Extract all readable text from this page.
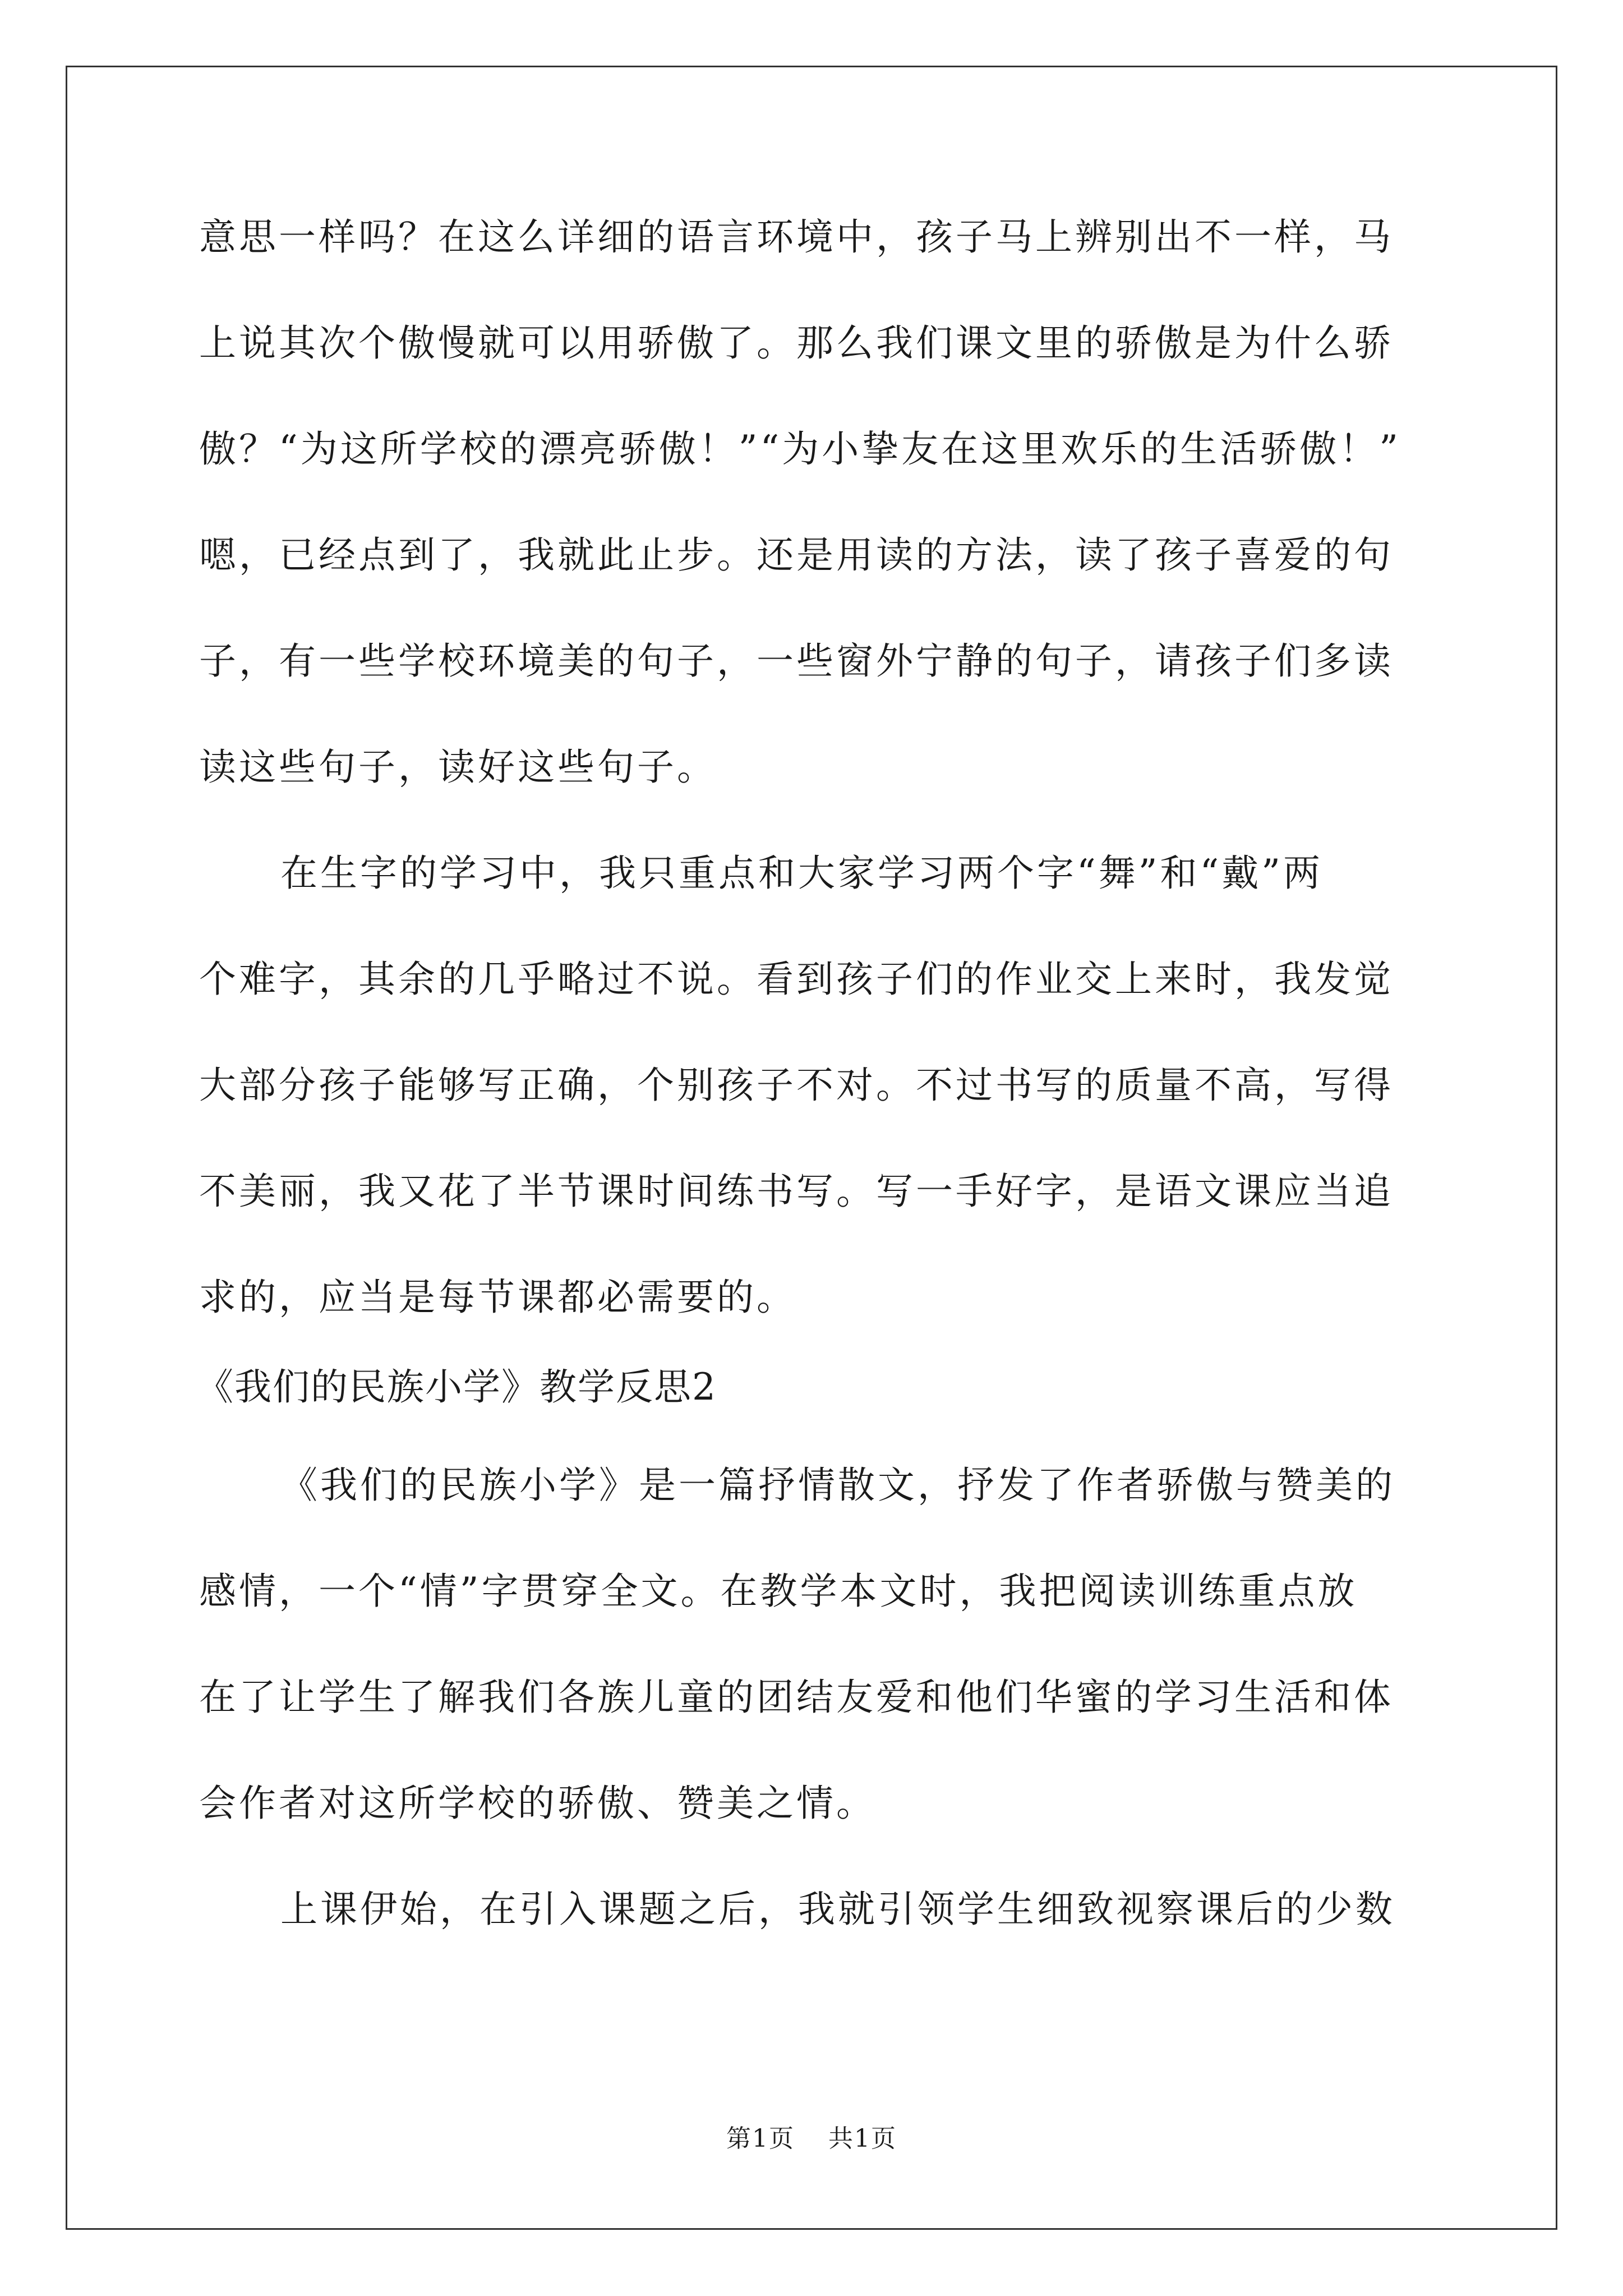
意思一样吗？在这么详细的语言环境中，孩子马上辨别出不一样，马
上说其次个傲慢就可以用骄傲了。那么我们课文里的骄傲是为什么骄
傲？“为这所学校的漂亮骄傲！”“为小挚友在这里欢乐的生活骄傲！”
嗯，已经点到了，我就此止步。还是用读的方法，读了孩子喜爱的句
子，有一些学校环境美的句子，一些窗外宁静的句子，请孩子们多读
读这些句子，读好这些句子。
在生字的学习中，我只重点和大家学习两个字“舞”和“戴”两
个难字，其余的几乎略过不说。看到孩子们的作业交上来时，我发觉
大部分孩子能够写正确，个别孩子不对。不过书写的质量不高，写得
不美丽，我又花了半节课时间练书写。写一手好字，是语文课应当追
求的，应当是每节课都必需要的。
《我们的民族小学》教学反思2
《我们的民族小学》是一篇抒情散文，抒发了作者骄傲与赞美的
感情，一个“情”字贯穿全文。在教学本文时，我把阅读训练重点放
在了让学生了解我们各族儿童的团结友爱和他们华蜜的学习生活和体
会作者对这所学校的骄傲、赞美之情。
上课伊始，在引入课题之后，我就引领学生细致视察课后的少数
第1页 共1页
